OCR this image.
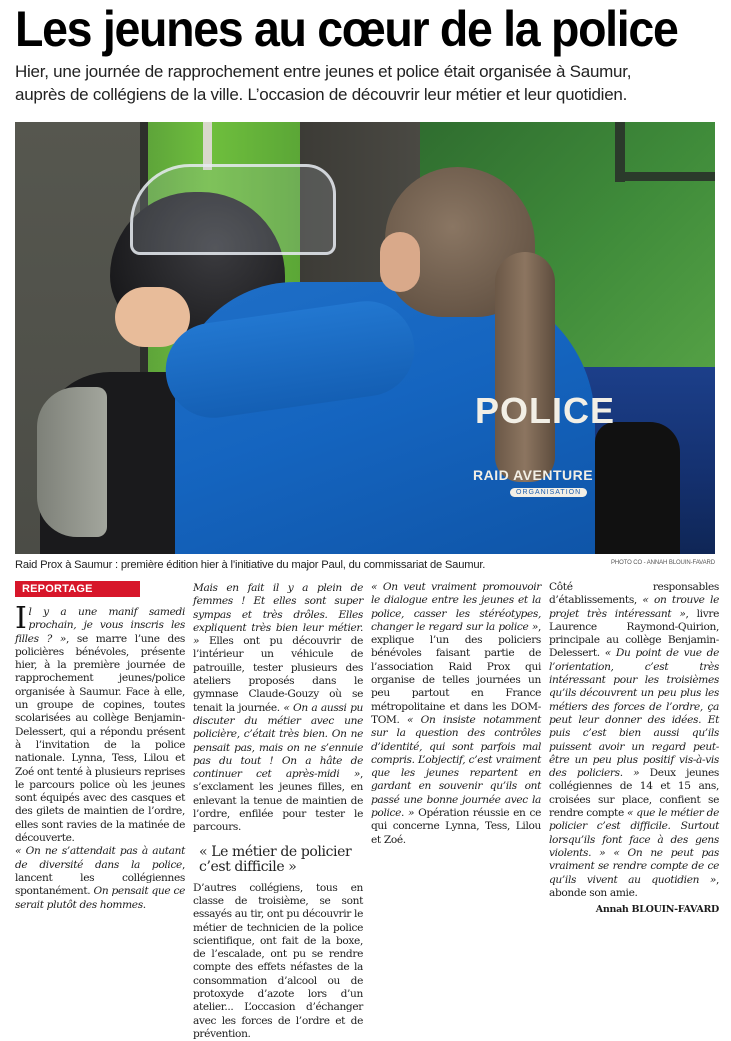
Les jeunes au cœur de la police

Hier, une journée de rapprochement entre jeunes et police était organisée à Saumur,
auprès de collégiens de la ville. L’occasion de découvrir leur métier et leur quotidien.

POLICE
RAID AVENTURE
ORGANISATION

Raid Prox à Saumur : première édition hier à l’initiative du major Paul, du commissariat de Saumur.	PHOTO CO - ANNAH BLOUIN-FAVARD

REPORTAGE

Il y a une manif samedi prochain, je vous inscris les filles ? », se marre l’une des policières bénévoles, présente hier, à la première journée de rapprochement jeunes/police organisée à Saumur. Face à elle, un groupe de copines, toutes scolarisées au collège Benjamin-Delessert, qui a répondu présent à l’invitation de la police nationale. Lynna, Tess, Lilou et Zoé ont tenté à plusieurs reprises le parcours police où les jeunes sont équipés avec des casques et des gilets de maintien de l’ordre, elles sont ravies de la matinée de découverte.

« On ne s’attendait pas à autant de diversité dans la police, lancent les collégiennes spontanément. On pensait que ce serait plutôt des hommes.

Mais en fait il y a plein de femmes ! Et elles sont super sympas et très drôles. Elles expliquent très bien leur métier. » Elles ont pu découvrir de l’intérieur un véhicule de patrouille, tester plusieurs des ateliers proposés dans le gymnase Claude-Gouzy où se tenait la journée. « On a aussi pu discuter du métier avec une policière, c’était très bien. On ne pensait pas, mais on ne s’ennuie pas du tout ! On a hâte de continuer cet après-midi », s’exclament les jeunes filles, en enlevant la tenue de maintien de l’ordre, enfilée pour tester le parcours.

« Le métier de policier c’est difficile »

D’autres collégiens, tous en classe de troisième, se sont essayés au tir, ont pu découvrir le métier de technicien de la police scientifique, ont fait de la boxe, de l’escalade, ont pu se rendre compte des effets néfastes de la consommation d’alcool ou de protoxyde d’azote lors d’un atelier... L’occasion d’échanger avec les forces de l’ordre et de prévention.

« On veut vraiment promouvoir le dialogue entre les jeunes et la police, casser les stéréotypes, changer le regard sur la police », explique l’un des policiers bénévoles faisant partie de l’association Raid Prox qui organise de telles journées un peu partout en France métropolitaine et dans les DOM-TOM. « On insiste notamment sur la question des contrôles d’identité, qui sont parfois mal compris. L’objectif, c’est vraiment que les jeunes repartent en gardant en souvenir qu’ils ont passé une bonne journée avec la police. » Opération réussie en ce qui concerne Lynna, Tess, Lilou et Zoé.

Côté responsables d’établissements, « on trouve le projet très intéressant », livre Laurence Raymond-Quirion, principale au collège Benjamin-Delessert. « Du point de vue de l’orientation, c’est très intéressant pour les troisièmes qu’ils découvrent un peu plus les métiers des forces de l’ordre, ça peut leur donner des idées. Et puis c’est bien aussi qu’ils puissent avoir un regard peut-être un peu plus positif vis-à-vis des policiers. » Deux jeunes collégiennes de 14 et 15 ans, croisées sur place, confient se rendre compte « que le métier de policier c’est difficile. Surtout lorsqu’ils font face à des gens violents. » « On ne peut pas vraiment se rendre compte de ce qu’ils vivent au quotidien », abonde son amie.

Annah BLOUIN-FAVARD
